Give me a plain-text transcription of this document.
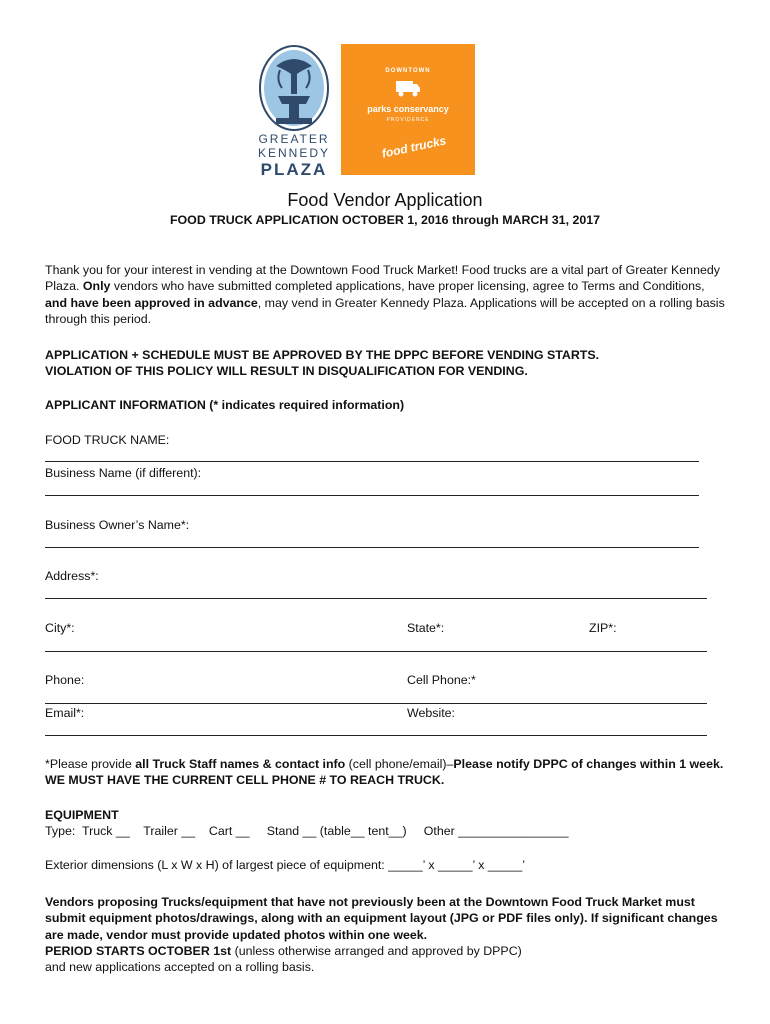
GREATER
KENNEDY
PLAZA
DOWNTOWN
parks conservancy
PROVIDENCE
food trucks
Food Vendor Application
FOOD TRUCK APPLICATION OCTOBER 1, 2016 through MARCH 31, 2017
Thank you for your interest in vending at the Downtown Food Truck Market! Food trucks are a vital part of Greater Kennedy Plaza. Only vendors who have submitted completed applications, have proper licensing, agree to Terms and Conditions, and have been approved in advance, may vend in Greater Kennedy Plaza. Applications will be accepted on a rolling basis through this period.
APPLICATION + SCHEDULE MUST BE APPROVED BY THE DPPC BEFORE VENDING STARTS.
VIOLATION OF THIS POLICY WILL RESULT IN DISQUALIFICATION FOR VENDING.
APPLICANT INFORMATION (* indicates required information)
FOOD TRUCK NAME:
Business Name (if different):
Business Owner’s Name*:
Address*:
City*:	State*:	ZIP*:
Phone:	Cell Phone:*
Email*:	Website:
*Please provide all Truck Staff names & contact info (cell phone/email)–Please notify DPPC of changes within 1 week. WE MUST HAVE THE CURRENT CELL PHONE # TO REACH TRUCK.
EQUIPMENT
Type:  Truck __    Trailer __    Cart __     Stand __ (table__ tent__)     Other ________________
Exterior dimensions (L x W x H) of largest piece of equipment: _____’ x _____’ x _____’
Vendors proposing Trucks/equipment that have not previously been at the Downtown Food Truck Market must submit equipment photos/drawings, along with an equipment layout (JPG or PDF files only). If significant changes are made, vendor must provide updated photos within one week.
PERIOD STARTS OCTOBER 1st (unless otherwise arranged and approved by DPPC)
and new applications accepted on a rolling basis.
